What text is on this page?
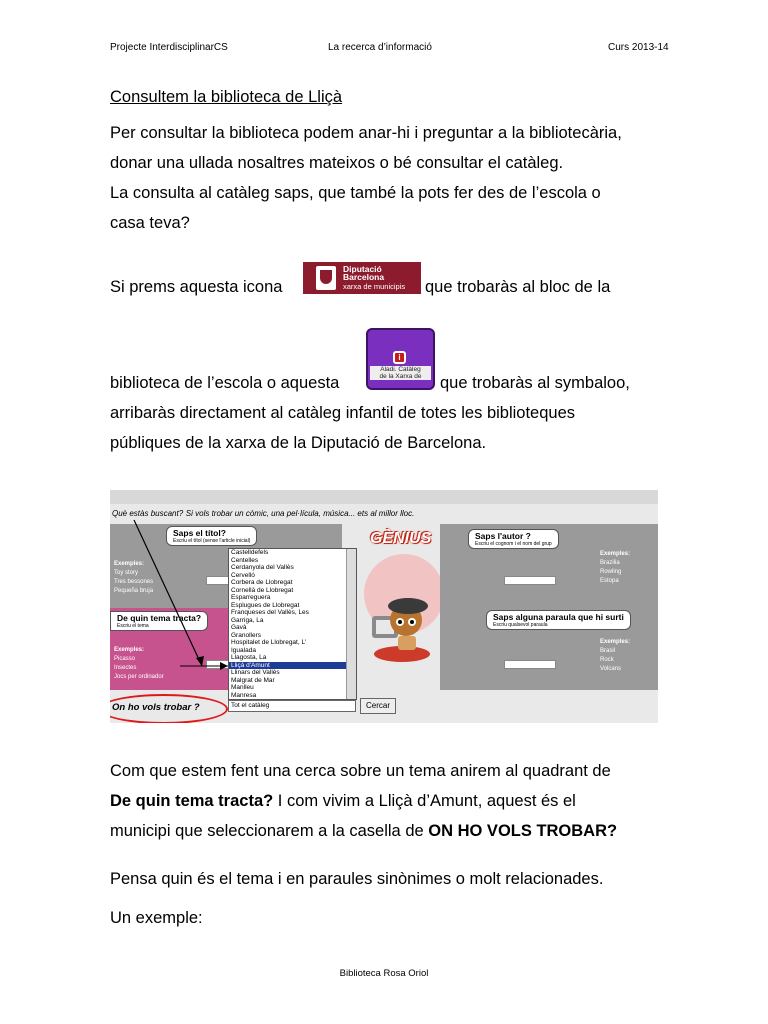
Projecte InterdisciplinarCS	La recerca d’informació	Curs 2013-14
Consultem la biblioteca de Lliçà
Per consultar la biblioteca podem anar-hi i preguntar a la bibliotecària,
donar una ullada nosaltres mateixos o bé consultar el catàleg.
La consulta al catàleg saps, que també la pots fer des de l’escola o
casa teva?
Si prems aquesta icona
Diputació
Barcelona
xarxa de municipis que trobaràs al bloc de la
biblioteca de l’escola o aquesta
i
Aladi. Catàleg
de la Xarxa de	que trobaràs al symbaloo,
arribaràs directament al catàleg infantil de totes les biblioteques
públiques de la xarxa de la Diputació de Barcelona.
Què estàs buscant? Si vols trobar un còmic, una pel·lícula, música... ets al millor lloc.
Saps el títol?
Escriu el títol (sense l'article inicial)
Exemples:
Toy story
Tres bessones
Pequeña bruja
Saps l'autor ?
Escriu el cognom i el nom del grup
Exemples:
Brazilia
Rowling
Estopa
De quin tema tracta?
Escriu el tema
Exemples:
Picasso
Insectes
Jocs per ordinador
Saps alguna paraula que hi surti
Escriu qualsevol paraula
Exemples:
Brasil
Rock
Volcans
GÈNIUS
Castelldefels
Centelles
Cerdanyola del Vallès
Cervelló
Corbera de Llobregat
Cornellà de Llobregat
Esparreguera
Esplugues de Llobregat
Franqueses del Vallès, Les
Garriga, La
Gavà
Granollers
Hospitalet de Llobregat, L'
Igualada
Llagosta, La
Lliçà d'Amunt
Llinars del Vallès
Malgrat de Mar
Manlleu
Manresa
On ho vols trobar ?	Tot el catàleg	Cercar
Com que estem fent una cerca sobre un tema anirem al quadrant de
De quin tema tracta? I com vivim a Lliçà d’Amunt, aquest és el
municipi que seleccionarem a la casella de ON HO VOLS TROBAR?
Pensa quin és el tema i en paraules sinònimes o molt relacionades.
Un exemple:
Biblioteca Rosa Oriol
